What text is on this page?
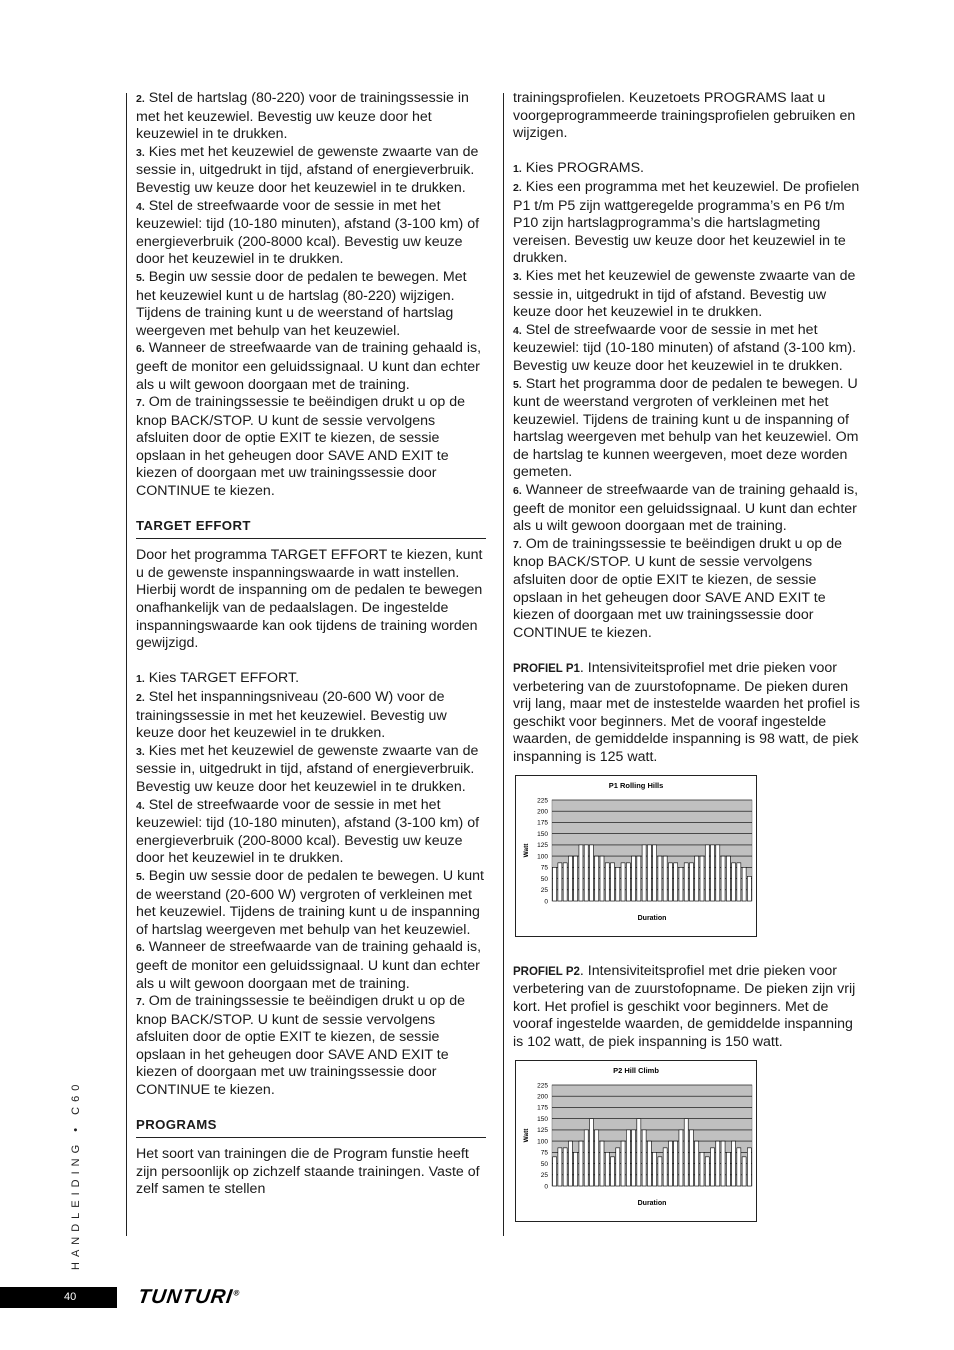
2. Stel de hartslag (80-220) voor de trainingssessie in met het keuzewiel. Bevestig uw keuze door het keuzewiel in te drukken.

3. Kies met het keuzewiel de gewenste zwaarte van de sessie in, uitgedrukt in tijd, afstand of energieverbruik. Bevestig uw keuze door het keuzewiel in te drukken.

4. Stel de streefwaarde voor de sessie in met het keuzewiel: tijd (10-180 minuten), afstand (3-100 km) of energieverbruik (200-8000 kcal). Bevestig uw keuze door het keuzewiel in te drukken.

5. Begin uw sessie door de pedalen te bewegen. Met het keuzewiel kunt u de hartslag (80-220) wijzigen. Tijdens de training kunt u de weerstand of hartslag weergeven met behulp van het keuzewiel.

6. Wanneer de streefwaarde van de training gehaald is, geeft de monitor een geluidssignaal. U kunt dan echter als u wilt gewoon doorgaan met de training.

7. Om de trainingssessie te beëindigen drukt u op de knop BACK/STOP. U kunt de sessie vervolgens afsluiten door de optie EXIT te kiezen, de sessie opslaan in het geheugen door SAVE AND EXIT te kiezen of doorgaan met uw trainingssessie door CONTINUE te kiezen.

TARGET EFFORT

Door het programma TARGET EFFORT te kiezen, kunt u de gewenste inspanningswaarde in watt instellen. Hierbij wordt de inspanning om de pedalen te bewegen onafhankelijk van de pedaalslagen. De ingestelde inspanningswaarde kan ook tijdens de training worden gewijzigd.

1. Kies TARGET EFFORT.

2. Stel het inspanningsniveau (20-600 W) voor de trainingssessie in met het keuzewiel. Bevestig uw keuze door het keuzewiel in te drukken.

3. Kies met het keuzewiel de gewenste zwaarte van de sessie in, uitgedrukt in tijd, afstand of energieverbruik. Bevestig uw keuze door het keuzewiel in te drukken.

4. Stel de streefwaarde voor de sessie in met het keuzewiel: tijd (10-180 minuten), afstand (3-100 km) of energieverbruik (200-8000 kcal). Bevestig uw keuze door het keuzewiel in te drukken.

5. Begin uw sessie door de pedalen te bewegen. U kunt de weerstand (20-600 W) vergroten of verkleinen met het keuzewiel. Tijdens de training kunt u de inspanning of hartslag weergeven met behulp van het keuzewiel.

6. Wanneer de streefwaarde van de training gehaald is, geeft de monitor een geluidssignaal. U kunt dan echter als u wilt gewoon doorgaan met de training.

7. Om de trainingssessie te beëindigen drukt u op de knop BACK/STOP. U kunt de sessie vervolgens afsluiten door de optie EXIT te kiezen, de sessie opslaan in het geheugen door SAVE AND EXIT te kiezen of doorgaan met uw trainingssessie door CONTINUE te kiezen.

PROGRAMS

Het soort van trainingen die de Program funstie heeft zijn persoonlijk op zichzelf staande trainingen. Vaste of zelf samen te stellen

trainingsprofielen. Keuzetoets PROGRAMS laat u voorgeprogrammeerde trainingsprofielen gebruiken en wijzigen.

1. Kies PROGRAMS.

2. Kies een programma met het keuzewiel. De profielen P1 t/m P5 zijn wattgeregelde programma’s en P6 t/m P10 zijn hartslagprogramma’s die hartslagmeting vereisen. Bevestig uw keuze door het keuzewiel in te drukken.

3. Kies met het keuzewiel de gewenste zwaarte van de sessie in, uitgedrukt in tijd of afstand. Bevestig uw keuze door het keuzewiel in te drukken.

4. Stel de streefwaarde voor de sessie in met het keuzewiel: tijd (10-180 minuten) of afstand (3-100 km). Bevestig uw keuze door het keuzewiel in te drukken.

5. Start het programma door de pedalen te bewegen. U kunt de weerstand vergroten of verkleinen met het keuzewiel. Tijdens de training kunt u de inspanning of hartslag weergeven met behulp van het keuzewiel. Om de hartslag te kunnen weergeven, moet deze worden gemeten.

6. Wanneer de streefwaarde van de training gehaald is, geeft de monitor een geluidssignaal. U kunt dan echter als u wilt gewoon doorgaan met de training.

7. Om de trainingssessie te beëindigen drukt u op de knop BACK/STOP. U kunt de sessie vervolgens afsluiten door de optie EXIT te kiezen, de sessie opslaan in het geheugen door SAVE AND EXIT te kiezen of doorgaan met uw trainingssessie door CONTINUE te kiezen.

PROFIEL P1. Intensiviteitsprofiel met drie pieken voor verbetering van de zuurstofopname. De pieken duren vrij lang, maar met de instestelde waarden het profiel is geschikt voor beginners. Met de vooraf ingestelde waarden, de gemiddelde inspanning is 98 watt, de piek inspanning is 125 watt.

P1 Rolling Hills
225
200
175
150
125
100
75
50
25
0
Watt
Duration

PROFIEL P2. Intensiviteitsprofiel met drie pieken voor verbetering van de zuurstofopname. De pieken zijn vrij kort. Het profiel is geschikt voor beginners. Met de vooraf ingestelde waarden, de gemiddelde inspanning is 102 watt, de piek inspanning is 150 watt.

P2 Hill Climb
225
200
175
150
125
100
75
50
25
0
Watt
Duration
HANDLEIDING • C60
40	TUNTURI®
